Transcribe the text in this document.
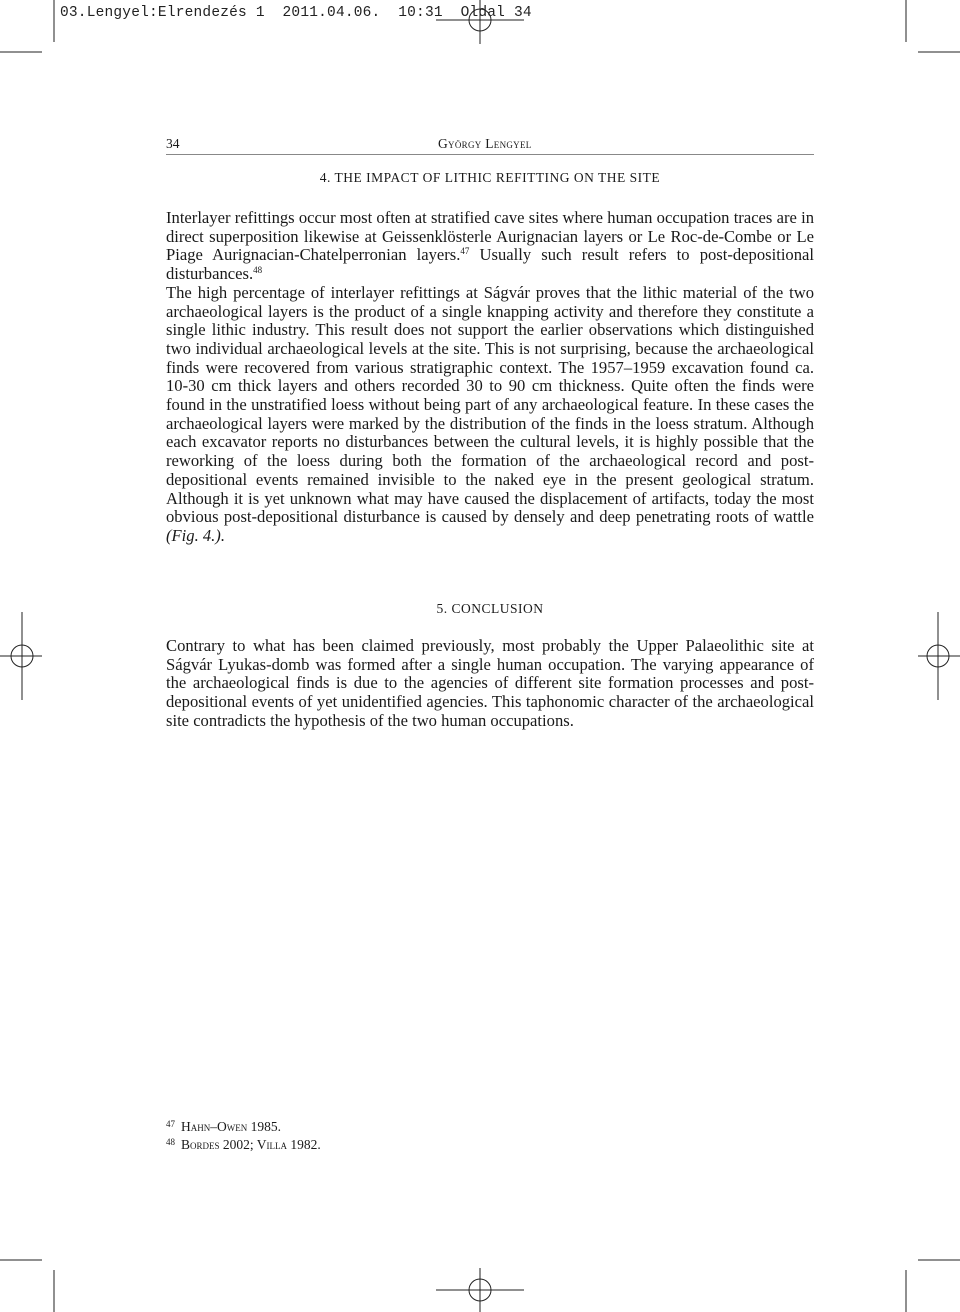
03.Lengyel:Elrendezés 1  2011.04.06.  10:31  Oldal 34
34	György Lengyel
4. THE IMPACT OF LITHIC REFITTING ON THE SITE

Interlayer refittings occur most often at stratified cave sites where human occupation traces are in direct superposition likewise at Geissenklösterle Aurignacian layers or Le Roc-de-Combe or Le Piage Aurignacian-Chatelperronian layers.$^{47}$ Usually such result refers to post-depositional disturbances.$^{48}$

The high percentage of interlayer refittings at Ságvár proves that the lithic material of the two archaeological layers is the product of a single knapping activity and therefore they constitute a single lithic industry. This result does not support the earlier observations which distinguished two individual archaeological levels at the site. This is not surprising, because the archaeological finds were recovered from various stratigraphic context. The 1957–1959 excavation found ca. 10-30 cm thick layers and others recorded 30 to 90 cm thickness. Quite often the finds were found in the unstratified loess without being part of any archaeological feature. In these cases the archaeological layers were marked by the distribution of the finds in the loess stratum. Although each excavator reports no disturbances between the cultural levels, it is highly possible that the reworking of the loess during both the formation of the archaeological record and post-depositional events remained invisible to the naked eye in the present geological stratum. Although it is yet unknown what may have caused the displacement of artifacts, today the most obvious post-depositional disturbance is caused by densely and deep penetrating roots of wattle (Fig. 4.).

5. CONCLUSION

Contrary to what has been claimed previously, most probably the Upper Palaeolithic site at Ságvár Lyukas-domb was formed after a single human occupation. The varying appearance of the archaeological finds is due to the agencies of different site formation processes and post-depositional events of yet unidentified agencies. This taphonomic character of the archaeological site contradicts the hypothesis of the two human occupations.

$^{47}$ Hahn–Owen 1985.
$^{48}$ Bordes 2002; Villa 1982.
